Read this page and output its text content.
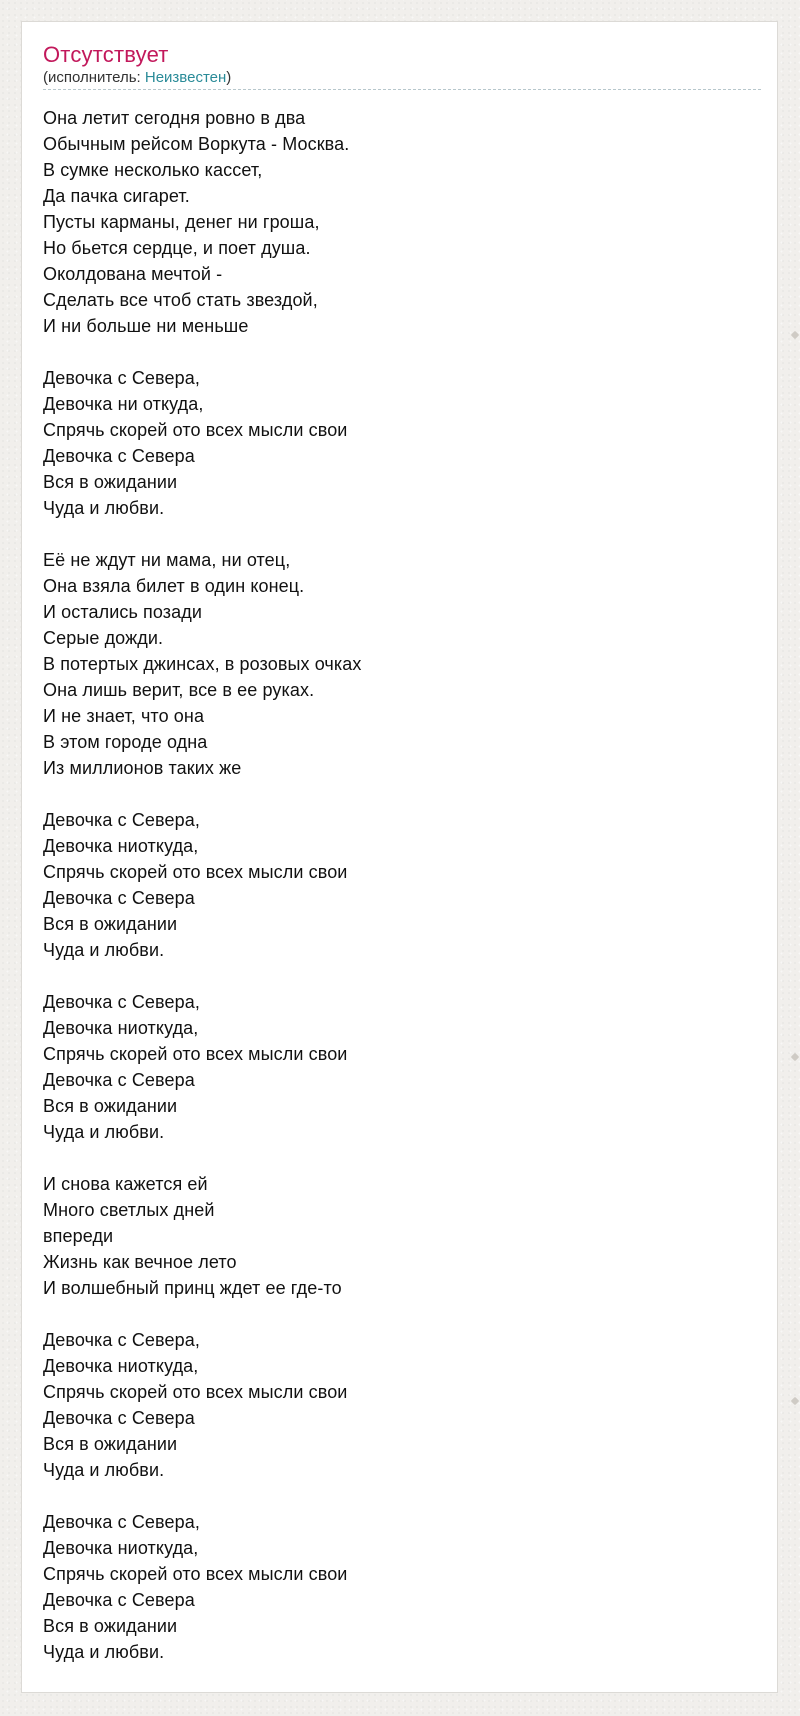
Отсутствует
(исполнитель: Неизвестен)
Она летит сегодня ровно в два
Обычным рейсом Воркута - Москва.
В сумке несколько кассет,
Да пачка сигарет.
Пусты карманы, денег ни гроша,
Но бьется сердце, и поет душа.
Околдована мечтой -
Сделать все чтоб стать звездой,
И ни больше ни меньше
Девочка с Севера,
Девочка ни откуда,
Спрячь скорей ото всех мысли свои
Девочка с Севера
Вся в ожидании
Чуда и любви.
Её не ждут ни мама, ни отец,
Она взяла билет в один конец.
И остались позади
Серые дожди.
В потертых джинсах, в розовых очках
Она лишь верит, все в ее руках.
И не знает, что она
В этом городе одна
Из миллионов таких же
Девочка с Севера,
Девочка ниоткуда,
Спрячь скорей ото всех мысли свои
Девочка с Севера
Вся в ожидании
Чуда и любви.
Девочка с Севера,
Девочка ниоткуда,
Спрячь скорей ото всех мысли свои
Девочка с Севера
Вся в ожидании
Чуда и любви.
И снова кажется ей
Много светлых дней
впереди
Жизнь как вечное лето
И волшебный принц ждет ее где-то
Девочка с Севера,
Девочка ниоткуда,
Спрячь скорей ото всех мысли свои
Девочка с Севера
Вся в ожидании
Чуда и любви.
Девочка с Севера,
Девочка ниоткуда,
Спрячь скорей ото всех мысли свои
Девочка с Севера
Вся в ожидании
Чуда и любви.
